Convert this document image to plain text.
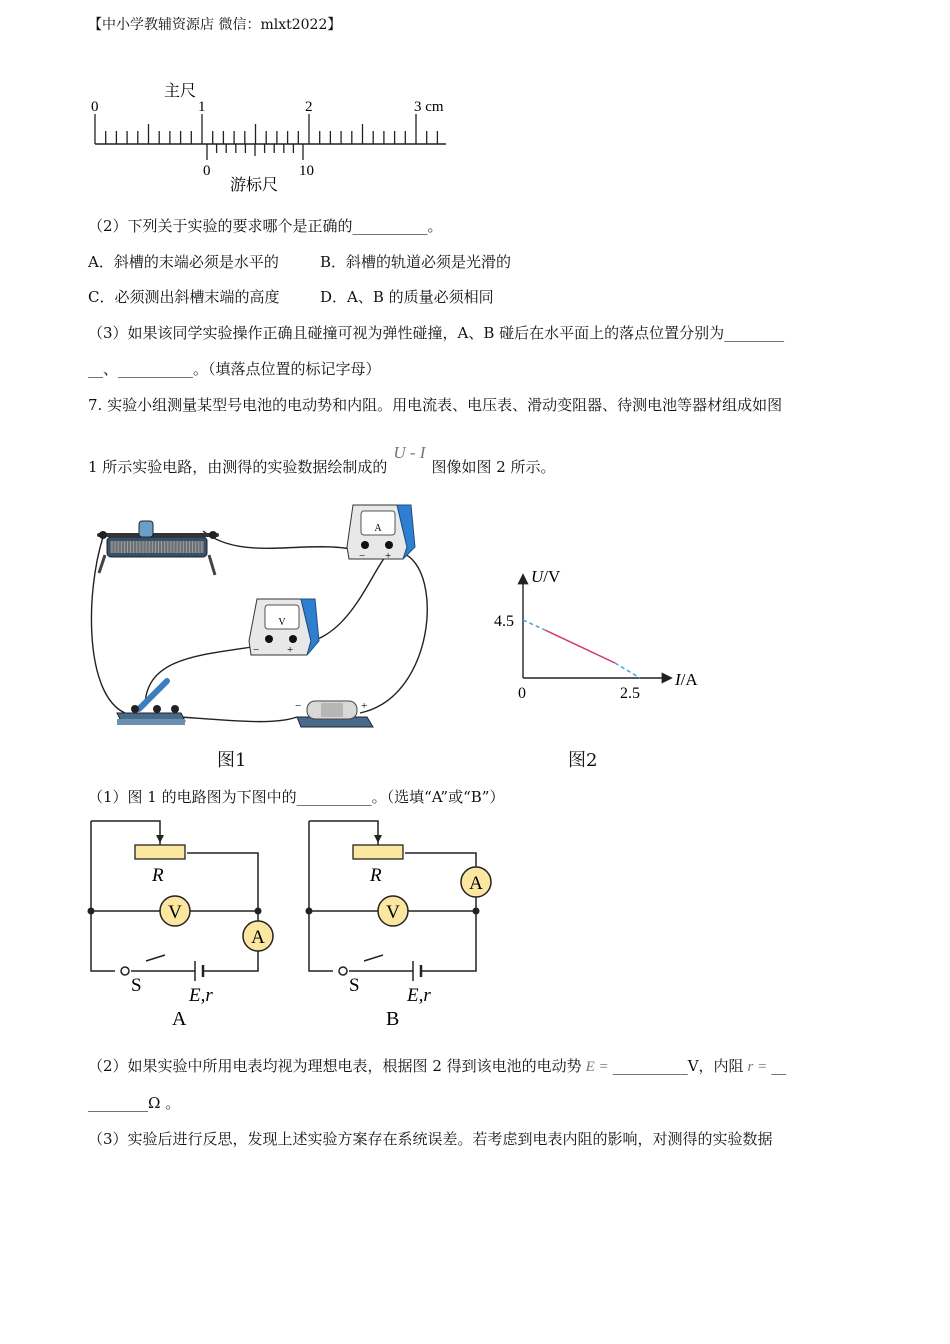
【中小学教辅资源店 微信：mlxt2022】
主尺
0	1	2	3 cm
0	10
游标尺
（2）下列关于实验的要求哪个是正确的__________。
A．斜槽的末端必须是水平的	B．斜槽的轨道必须是光滑的
C．必须测出斜槽末端的高度	D．A、B 的质量必须相同
（3）如果该同学实验操作正确且碰撞可视为弹性碰撞，A、B 碰后在水平面上的落点位置分别为________
__、__________。（填落点位置的标记字母）
7. 实验小组测量某型号电池的电动势和内阻。用电流表、电压表、滑动变阻器、待测电池等器材组成如图
1 所示实验电路，由测得的实验数据绘制成的U - I图像如图 2 所示。
A
− +
V
−	+
−	+
图1
U/V
I/A
0
4.5
2.5
图2
（1）图 1 的电路图为下图中的__________。（选填“A”或“B”）
V
A
R
S E,r
A
V
A
R
S E,r
B
（2）如果实验中所用电表均视为理想电表，根据图 2 得到该电池的电动势 E = __________V，内阻 r = __
________Ω 。
（3）实验后进行反思，发现上述实验方案存在系统误差。若考虑到电表内阻的影响，对测得的实验数据
